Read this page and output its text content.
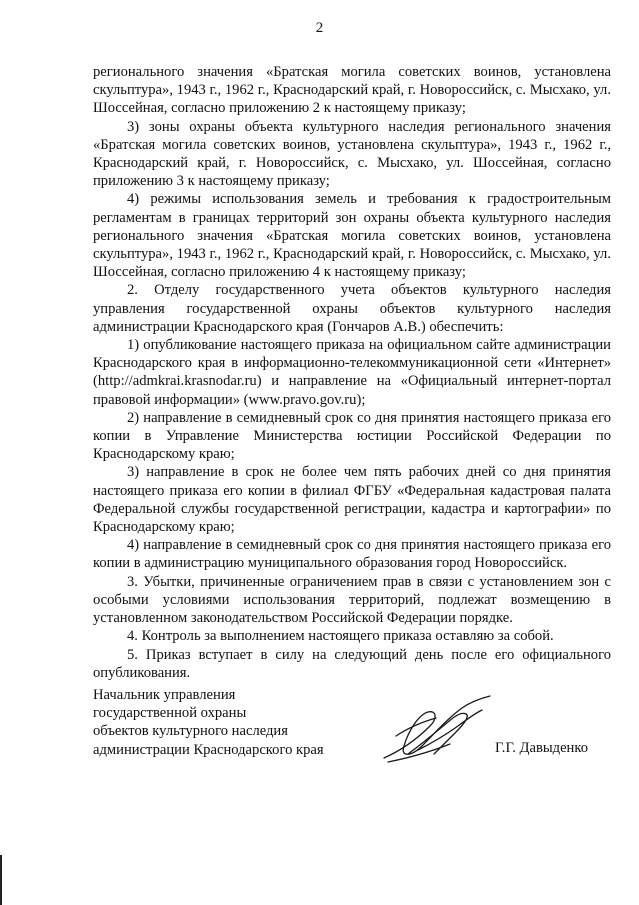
2

регионального значения «Братская могила советских воинов, установлена скульптура», 1943 г., 1962 г., Краснодарский край, г. Новороссийск, с. Мысхако, ул. Шоссейная, согласно приложению 2 к настоящему приказу;

3) зоны охраны объекта культурного наследия регионального значения «Братская могила советских воинов, установлена скульптура», 1943 г., 1962 г., Краснодарский край, г. Новороссийск, с. Мысхако, ул. Шоссейная, согласно приложению 3 к настоящему приказу;

4) режимы использования земель и требования к градостроительным регламентам в границах территорий зон охраны объекта культурного наследия регионального значения «Братская могила советских воинов, установлена скульптура», 1943 г., 1962 г., Краснодарский край, г. Новороссийск, с. Мысхако, ул. Шоссейная, согласно приложению 4 к настоящему приказу;

2. Отделу государственного учета объектов культурного наследия управления государственной охраны объектов культурного наследия администрации Краснодарского края (Гончаров А.В.) обеспечить:

1) опубликование настоящего приказа на официальном сайте администрации Краснодарского края в информационно-телекоммуникационной сети «Интернет» (http://admkrai.krasnodar.ru) и направление на «Официальный интернет-портал правовой информации» (www.pravo.gov.ru);

2) направление в семидневный срок со дня принятия настоящего приказа его копии в Управление Министерства юстиции Российской Федерации по Краснодарскому краю;

3) направление в срок не более чем пять рабочих дней со дня принятия настоящего приказа его копии в филиал ФГБУ «Федеральная кадастровая палата Федеральной службы государственной регистрации, кадастра и картографии» по Краснодарскому краю;

4) направление в семидневный срок со дня принятия настоящего приказа его копии в администрацию муниципального образования город Новороссийск.

3. Убытки, причиненные ограничением прав в связи с установлением зон с особыми условиями использования территорий, подлежат возмещению в установленном законодательством Российской Федерации порядке.

4. Контроль за выполнением настоящего приказа оставляю за собой.

5. Приказ вступает в силу на следующий день после его официального опубликования.

Начальник управления
государственной охраны
объектов культурного наследия
администрации Краснодарского края	Г.Г. Давыденко
